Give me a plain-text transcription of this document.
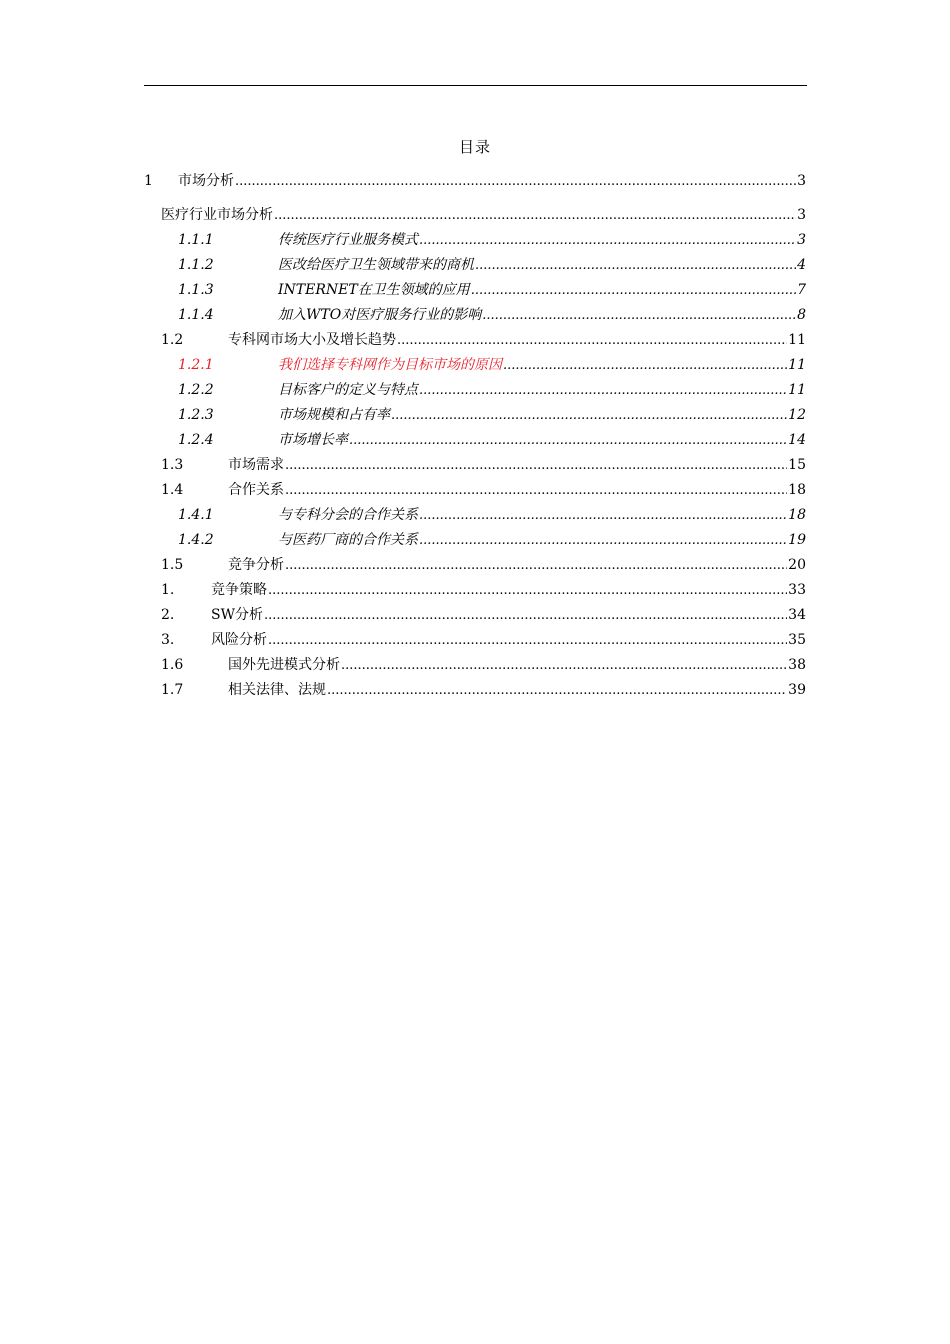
目录
1 市场分析 .....	3
医疗行业市场分析 .....	3
1.1.1	传统医疗行业服务模式 .....	3
1.1.2	医改给医疗卫生领域带来的商机 .....	4
1.1.3	INTERNET在卫生领域的应用 .....	7
1.1.4	加入WTO对医疗服务行业的影响 .....	8
1.2	专科网市场大小及增长趋势 .....	11
1.2.1	我们选择专科网作为目标市场的原因 .....	11
1.2.2	目标客户的定义与特点 .....	11
1.2.3	市场规模和占有率 .....	12
1.2.4	市场增长率 .....	14
1.3	市场需求 .....	15
1.4	合作关系 .....	18
1.4.1	与专科分会的合作关系 .....	18
1.4.2	与医药厂商的合作关系 .....	19
1.5	竞争分析 .....	20
1.	竞争策略 .....	33
2.	SW分析 .....	34
3.	风险分析 .....	35
1.6	国外先进模式分析 .....	38
1.7	相关法律、法规 .....	39
